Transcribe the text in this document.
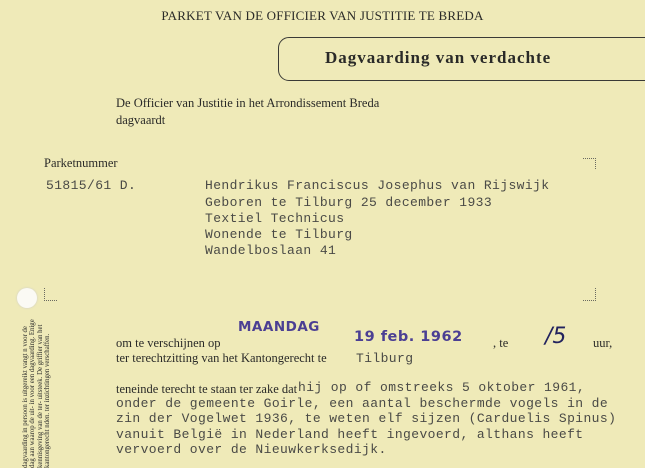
PARKET VAN DE OFFICIER VAN JUSTITIE TE BREDA
Dagvaarding van verdachte
De Officier van Justitie in het Arrondissement Breda
dagvaardt
Parketnummer
51815/61 D.	Hendrikus Franciscus Josephus van Rijswijk
Geboren te Tilburg 25 december 1933
Textiel Technicus
Wonende te Tilburg
Wandelboslaan 41
MAANDAG
19 feb. 1962
om te verschijnen op	, te /5 uur,
ter terechtzitting van het Kantongerecht te Tilburg
teneinde terecht te staan ter zake dat hij op of omstreeks 5 oktober 1961,
onder de gemeente Goirle, een aantal beschermde vogels in de
zin der Vogelwet 1936, te weten elf sijzen (Carduelis Spinus)
vanuit België in Nederland heeft ingevoerd, althans heeft
vervoerd over de Nieuwkerksedijk.
dagvaarding in persoon is uitgereikt vangt n voor de dag aan waarop de uit- in voor een dagvaarding. Enige kennisgeving van de ter- uitsteek. De griffier van het kantongerecht nden. ter inzichtingen verschaffen.
